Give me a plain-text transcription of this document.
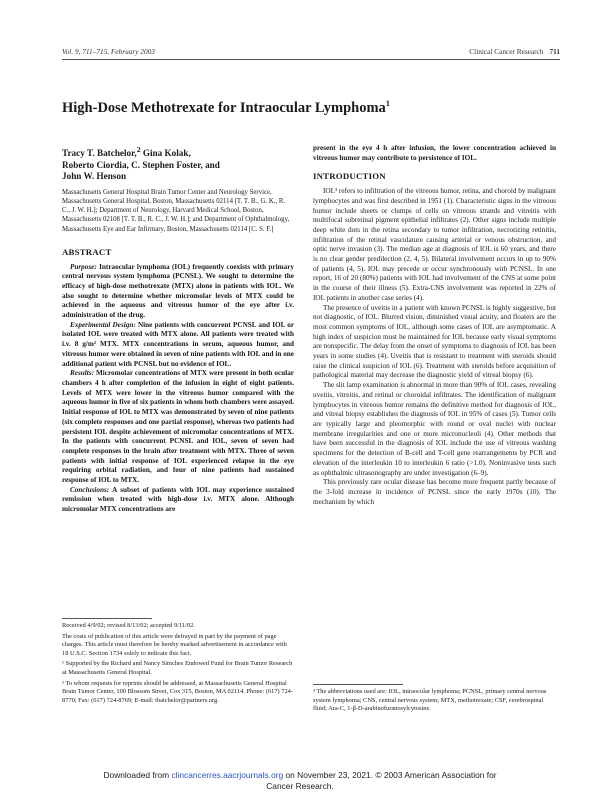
Vol. 9, 711–715, February 2003	Clinical Cancer Research 711
High-Dose Methotrexate for Intraocular Lymphoma$^1$
Tracy T. Batchelor,$^2$ Gina Kolak,
Roberto Ciordia, C. Stephen Foster, and
John W. Henson

Massachusetts General Hospital Brain Tumor Center and Neurology Service, Massachusetts General Hospital, Boston, Massachusetts 02114 [T. T. B., G. K., R. C., J. W. H.]; Department of Neurology, Harvard Medical School, Boston, Massachusetts 02108 [T. T. B., R. C., J. W. H.]; and Department of Ophthalmology, Massachusetts Eye and Ear Infirmary, Boston, Massachusetts 02114 [C. S. F.]

ABSTRACT

Purpose: Intraocular lymphoma (IOL) frequently coexists with primary central nervous system lymphoma (PCNSL). We sought to determine the efficacy of high-dose methotrexate (MTX) alone in patients with IOL. We also sought to determine whether micromolar levels of MTX could be achieved in the aqueous and vitreous humor of the eye after i.v. administration of the drug.

Experimental Design: Nine patients with concurrent PCNSL and IOL or isolated IOL were treated with MTX alone. All patients were treated with i.v. 8 g/m² MTX. MTX concentrations in serum, aqueous humor, and vitreous humor were obtained in seven of nine patients with IOL and in one additional patient with PCNSL but no evidence of IOL.

Results: Micromolar concentrations of MTX were present in both ocular chambers 4 h after completion of the infusion in eight of eight patients. Levels of MTX were lower in the vitreous humor compared with the aqueous humor in five of six patients in whom both chambers were assayed. Initial response of IOL to MTX was demonstrated by seven of nine patients (six complete responses and one partial response), whereas two patients had persistent IOL despite achievement of micromolar concentrations of MTX. In the patients with concurrent PCNSL and IOL, seven of seven had complete responses in the brain after treatment with MTX. Three of seven patients with initial response of IOL experienced relapse in the eye requiring orbital radiation, and four of nine patients had sustained response of IOL to MTX.

Conclusions: A subset of patients with IOL may experience sustained remission when treated with high-dose i.v. MTX alone. Although micromolar MTX concentrations are

Received 4/9/02; revised 8/13/02; accepted 9/11/02.

The costs of publication of this article were defrayed in part by the payment of page charges. This article must therefore be hereby marked advertisement in accordance with 18 U.S.C. Section 1734 solely to indicate this fact.

¹ Supported by the Richard and Nancy Simches Endowed Fund for Brain Tumor Research at Massachusetts General Hospital.

² To whom requests for reprints should be addressed, at Massachusetts General Hospital Brain Tumor Center, 100 Blossom Street, Cox 315, Boston, MA 02114. Phone: (617) 724-8770; Fax: (617) 724-8769; E-mail: tbatchelor@partners.org.

present in the eye 4 h after infusion, the lower concentration achieved in vitreous humor may contribute to persistence of IOL.

INTRODUCTION

IOL³ refers to infiltration of the vitreous humor, retina, and choroid by malignant lymphocytes and was first described in 1951 (1). Characteristic signs in the vitreous humor include sheets or clumps of cells on vitreous strands and vitreitis with multifocal subretinal pigment epithelial infiltrates (2). Other signs include multiple deep white dots in the retina secondary to tumor infiltration, necrotizing retinitis, infiltration of the retinal vasculature causing arterial or venous obstruction, and optic nerve invasion (3). The median age at diagnosis of IOL is 60 years, and there is no clear gender predilection (2, 4, 5). Bilateral involvement occurs in up to 90% of patients (4, 5). IOL may precede or occur synchronously with PCNSL. In one report, 16 of 20 (80%) patients with IOL had involvement of the CNS at some point in the course of their illness (5). Extra-CNS involvement was reported in 22% of IOL patients in another case series (4).

The presence of uveitis in a patient with known PCNSL is highly suggestive, but not diagnostic, of IOL. Blurred vision, diminished visual acuity, and floaters are the most common symptoms of IOL, although some cases of IOL are asymptomatic. A high index of suspicion must be maintained for IOL because early visual symptoms are nonspecific. The delay from the onset of symptoms to diagnosis of IOL has been years in some studies (4). Uveitis that is resistant to treatment with steroids should raise the clinical suspicion of IOL (6). Treatment with steroids before acquisition of pathological material may decrease the diagnostic yield of vitreal biopsy (6).

The slit lamp examination is abnormal in more than 90% of IOL cases, revealing uveitis, vitreitis, and retinal or choroidal infiltrates. The identification of malignant lymphocytes in vitreous humor remains the definitive method for diagnosis of IOL, and vitreal biopsy establishes the diagnosis of IOL in 95% of cases (5). Tumor cells are typically large and pleomorphic with round or oval nuclei with nuclear membrane irregularities and one or more micronucleoli (4). Other methods that have been successful in the diagnosis of IOL include the use of vitreous washing specimens for the detection of B-cell and T-cell gene rearrangements by PCR and elevation of the interleukin 10 to interleukin 6 ratio (>1.0). Noninvasive tests such as ophthalmic ultrasonography are under investigation (6–9).

This previously rare ocular disease has become more frequent partly because of the 3-fold increase in incidence of PCNSL since the early 1970s (10). The mechanism by which

³ The abbreviations used are: IOL, intraocular lymphoma; PCNSL, primary central nervous system lymphoma; CNS, central nervous system; MTX, methotrexate; CSF, cerebrospinal fluid; Ara-C, 1-β-D-arabinofuranosylcytosine.

Downloaded from clincancerres.aacrjournals.org on November 23, 2021. © 2003 American Association for
Cancer Research.
